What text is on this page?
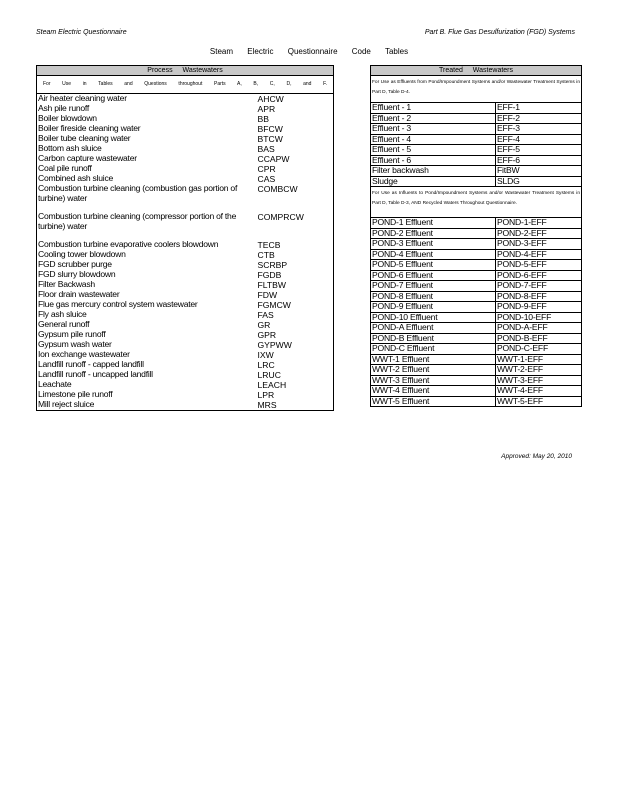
Steam Electric Questionnaire	Part B. Flue Gas Desulfurization (FGD) Systems
Steam Electric Questionnaire Code Tables
Process Wastewaters	
For Use in Tables and Questions throughout Parts A, B, C, D, and F.	
Air heater cleaning water	AHCW
Ash pile runoff	APR
Boiler blowdown	BB
Boiler fireside cleaning water	BFCW
Boiler tube cleaning water	BTCW
Bottom ash sluice	BAS
Carbon capture wastewater	CCAPW
Coal pile runoff	CPR
Combined ash sluice	CAS
Combustion turbine cleaning (combustion gas portion of turbine) water	COMBCW
Combustion turbine cleaning (compressor portion of the turbine) water	COMPRCW
Combustion turbine evaporative coolers blowdown	TECB
Cooling tower blowdown	CTB
FGD scrubber purge	SCRBP
FGD slurry blowdown	FGDB
Filter Backwash	FLTBW
Floor drain wastewater	FDW
Flue gas mercury control system wastewater	FGMCW
Fly ash sluice	FAS
General runoff	GR
Gypsum pile runoff	GPR
Gypsum wash water	GYPWW
Ion exchange wastewater	IXW
Landfill runoff - capped landfill	LRC
Landfill runoff - uncapped landfill	LRUC
Leachate	LEACH
Limestone pile runoff	LPR
Mill reject sluice	MRS
Treated Wastewaters	
For Use as Effluents from Pond/Impoundment Systems and/or Wastewater Treatment Systems in Part D, Table D-4.	
Effluent - 1	EFF-1
Effluent - 2	EFF-2
Effluent - 3	EFF-3
Effluent - 4	EFF-4
Effluent - 5	EFF-5
Effluent - 6	EFF-6
Filter backwash	FitBW
Sludge	SLDG
For Use as Influents to Pond/Impoundment Systems and/or Wastewater Treatment Systems in Part D, Table D-3, AND Recycled Waters Throughout Questionnaire.	
POND-1 Effluent	POND-1-EFF
POND-2 Effluent	POND-2-EFF
POND-3 Effluent	POND-3-EFF
POND-4 Effluent	POND-4-EFF
POND-5 Effluent	POND-5-EFF
POND-6 Effluent	POND-6-EFF
POND-7 Effluent	POND-7-EFF
POND-8 Effluent	POND-8-EFF
POND-9 Effluent	POND-9-EFF
POND-10 Effluent	POND-10-EFF
POND-A Effluent	POND-A-EFF
POND-B Effluent	POND-B-EFF
POND-C Effluent	POND-C-EFF
WWT-1 Effluent	WWT-1-EFF
WWT-2 Effluent	WWT-2-EFF
WWT-3 Effluent	WWT-3-EFF
WWT-4 Effluent	WWT-4-EFF
WWT-5 Effluent	WWT-5-EFF
Approved: May 20, 2010
